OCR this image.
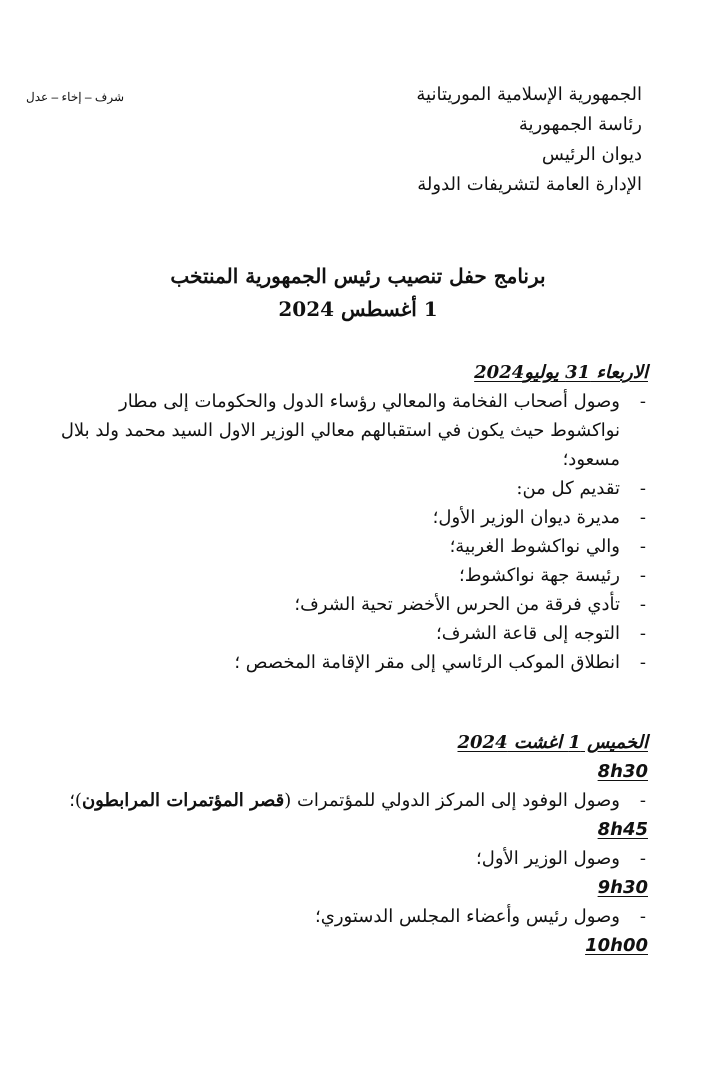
شرف – إخاء – عدل	الجمهورية الإسلامية الموريتانية
رئاسة الجمهورية
ديوان الرئيس
الإدارة العامة لتشريفات الدولة
برنامج حفل تنصيب رئيس الجمهورية المنتخب
1 أغسطس 2024
الاربعاء 31 يوليو2024
-
وصول أصحاب الفخامة والمعالي رؤساء الدول والحكومات إلى مطار نواكشوط حيث يكون في استقبالهم معالي الوزير الاول السيد محمد ولد بلال مسعود؛
-
تقديم كل من:
-
مديرة ديوان الوزير الأول؛
-
والي نواكشوط الغربية؛
-
رئيسة جهة نواكشوط؛
-
تأدي فرقة من الحرس الأخضر تحية الشرف؛
-
التوجه إلى قاعة الشرف؛
-
انطلاق الموكب الرئاسي إلى مقر الإقامة المخصص ؛
الخميس 1 اغشت 2024
8h30
-
وصول الوفود إلى المركز الدولي للمؤتمرات (قصر المؤتمرات المرابطون)؛
8h45
-
وصول الوزير الأول؛
9h30
-
وصول رئيس وأعضاء المجلس الدستوري؛
10h00
